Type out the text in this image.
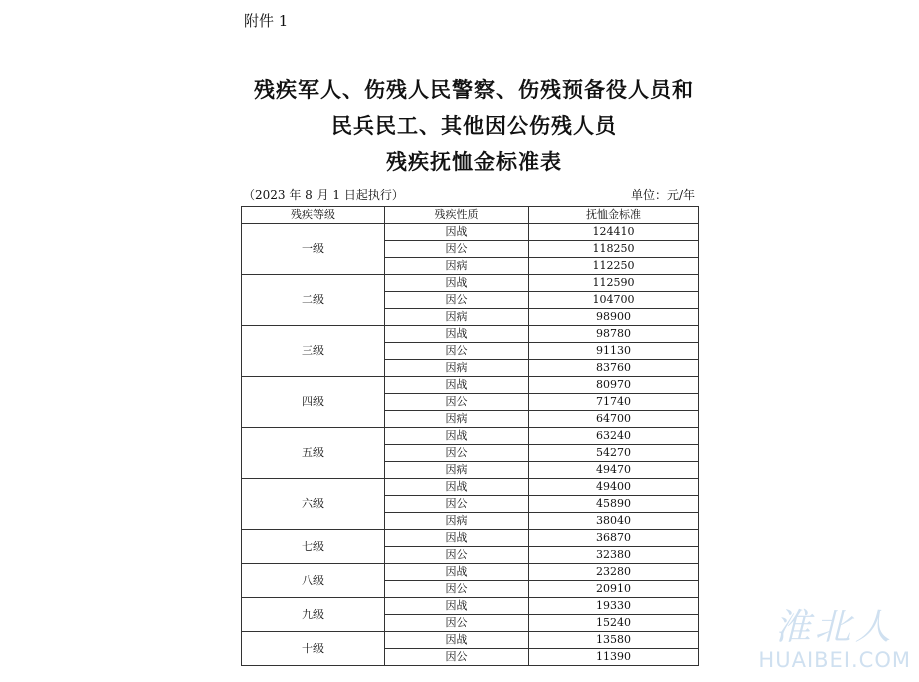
附件 1
残疾军人、伤残人民警察、伤残预备役人员和
民兵民工、其他因公伤残人员
残疾抚恤金标准表
（2023 年 8 月 1 日起执行）	单位：元/年
残疾等级	残疾性质	抚恤金标准
一级	因战	124410
	因公	118250
	因病	112250
二级	因战	112590
	因公	104700
	因病	98900
三级	因战	98780
	因公	91130
	因病	83760
四级	因战	80970
	因公	71740
	因病	64700
五级	因战	63240
	因公	54270
	因病	49470
六级	因战	49400
	因公	45890
	因病	38040
七级	因战	36870
	因公	32380
八级	因战	23280
	因公	20910
九级	因战	19330
	因公	15240
十级	因战	13580
	因公	11390
淮北人
HUAIBEI.COM
